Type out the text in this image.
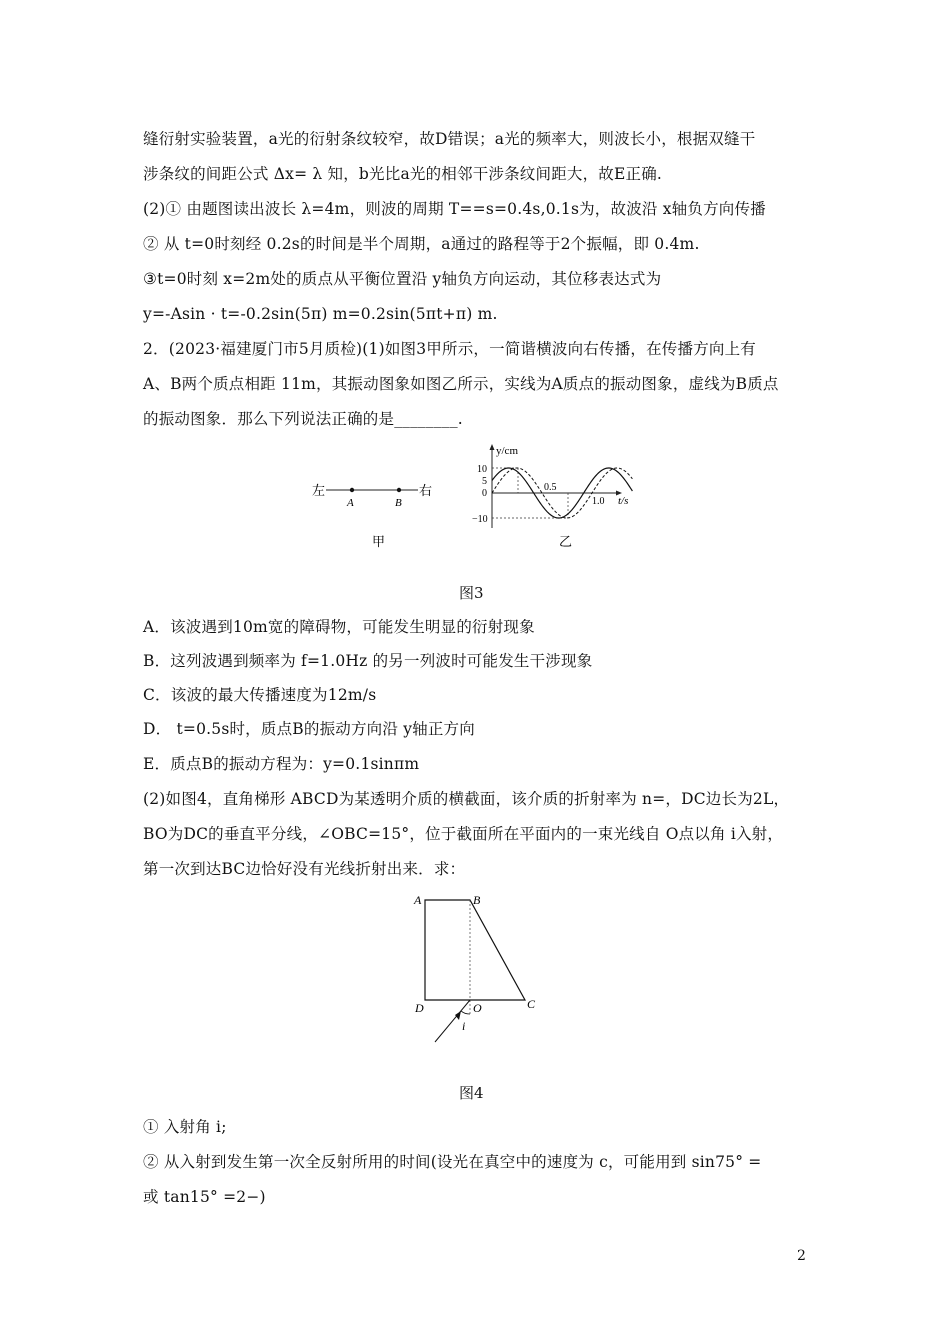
缝衍射实验装置，a光的衍射条纹较窄，故D错误；a光的频率大，则波长小，根据双缝干
涉条纹的间距公式 Δx= λ 知，b光比a光的相邻干涉条纹间距大，故E正确.
(2)① 由题图读出波长 λ=4m，则波的周期 T==s=0.4s,0.1s为，故波沿 x轴负方向传播
② 从 t=0时刻经 0.2s的时间是半个周期，a通过的路程等于2个振幅，即 0.4m.
③t=0时刻 x=2m处的质点从平衡位置沿 y轴负方向运动，其位移表达式为
y=-Asin · t=-0.2sin(5π) m=0.2sin(5πt+π) m.
2．(2023·福建厦门市5月质检)(1)如图3甲所示，一简谐横波向右传播，在传播方向上有
A、B两个质点相距 11m，其振动图象如图乙所示，实线为A质点的振动图象，虚线为B质点
的振动图象．那么下列说法正确的是________.
左	右
A	B
甲
y/cm
t/s
10
5
0
−10
0.5
1.0
乙
图3
A．该波遇到10m宽的障碍物，可能发生明显的衍射现象
B．这列波遇到频率为 f=1.0Hz 的另一列波时可能发生干涉现象
C．该波的最大传播速度为12m/s
D． t=0.5s时，质点B的振动方向沿 y轴正方向
E．质点B的振动方程为：y=0.1sinπm
(2)如图4，直角梯形 ABCD为某透明介质的横截面，该介质的折射率为 n=，DC边长为2L，
BO为DC的垂直平分线，∠OBC=15°，位于截面所在平面内的一束光线自 O点以角 i入射，
第一次到达BC边恰好没有光线折射出来．求：
A	B
C
D	O
i
图4
① 入射角 i;
② 从入射到发生第一次全反射所用的时间(设光在真空中的速度为 c，可能用到 sin75° =
或 tan15° =2−)
2
